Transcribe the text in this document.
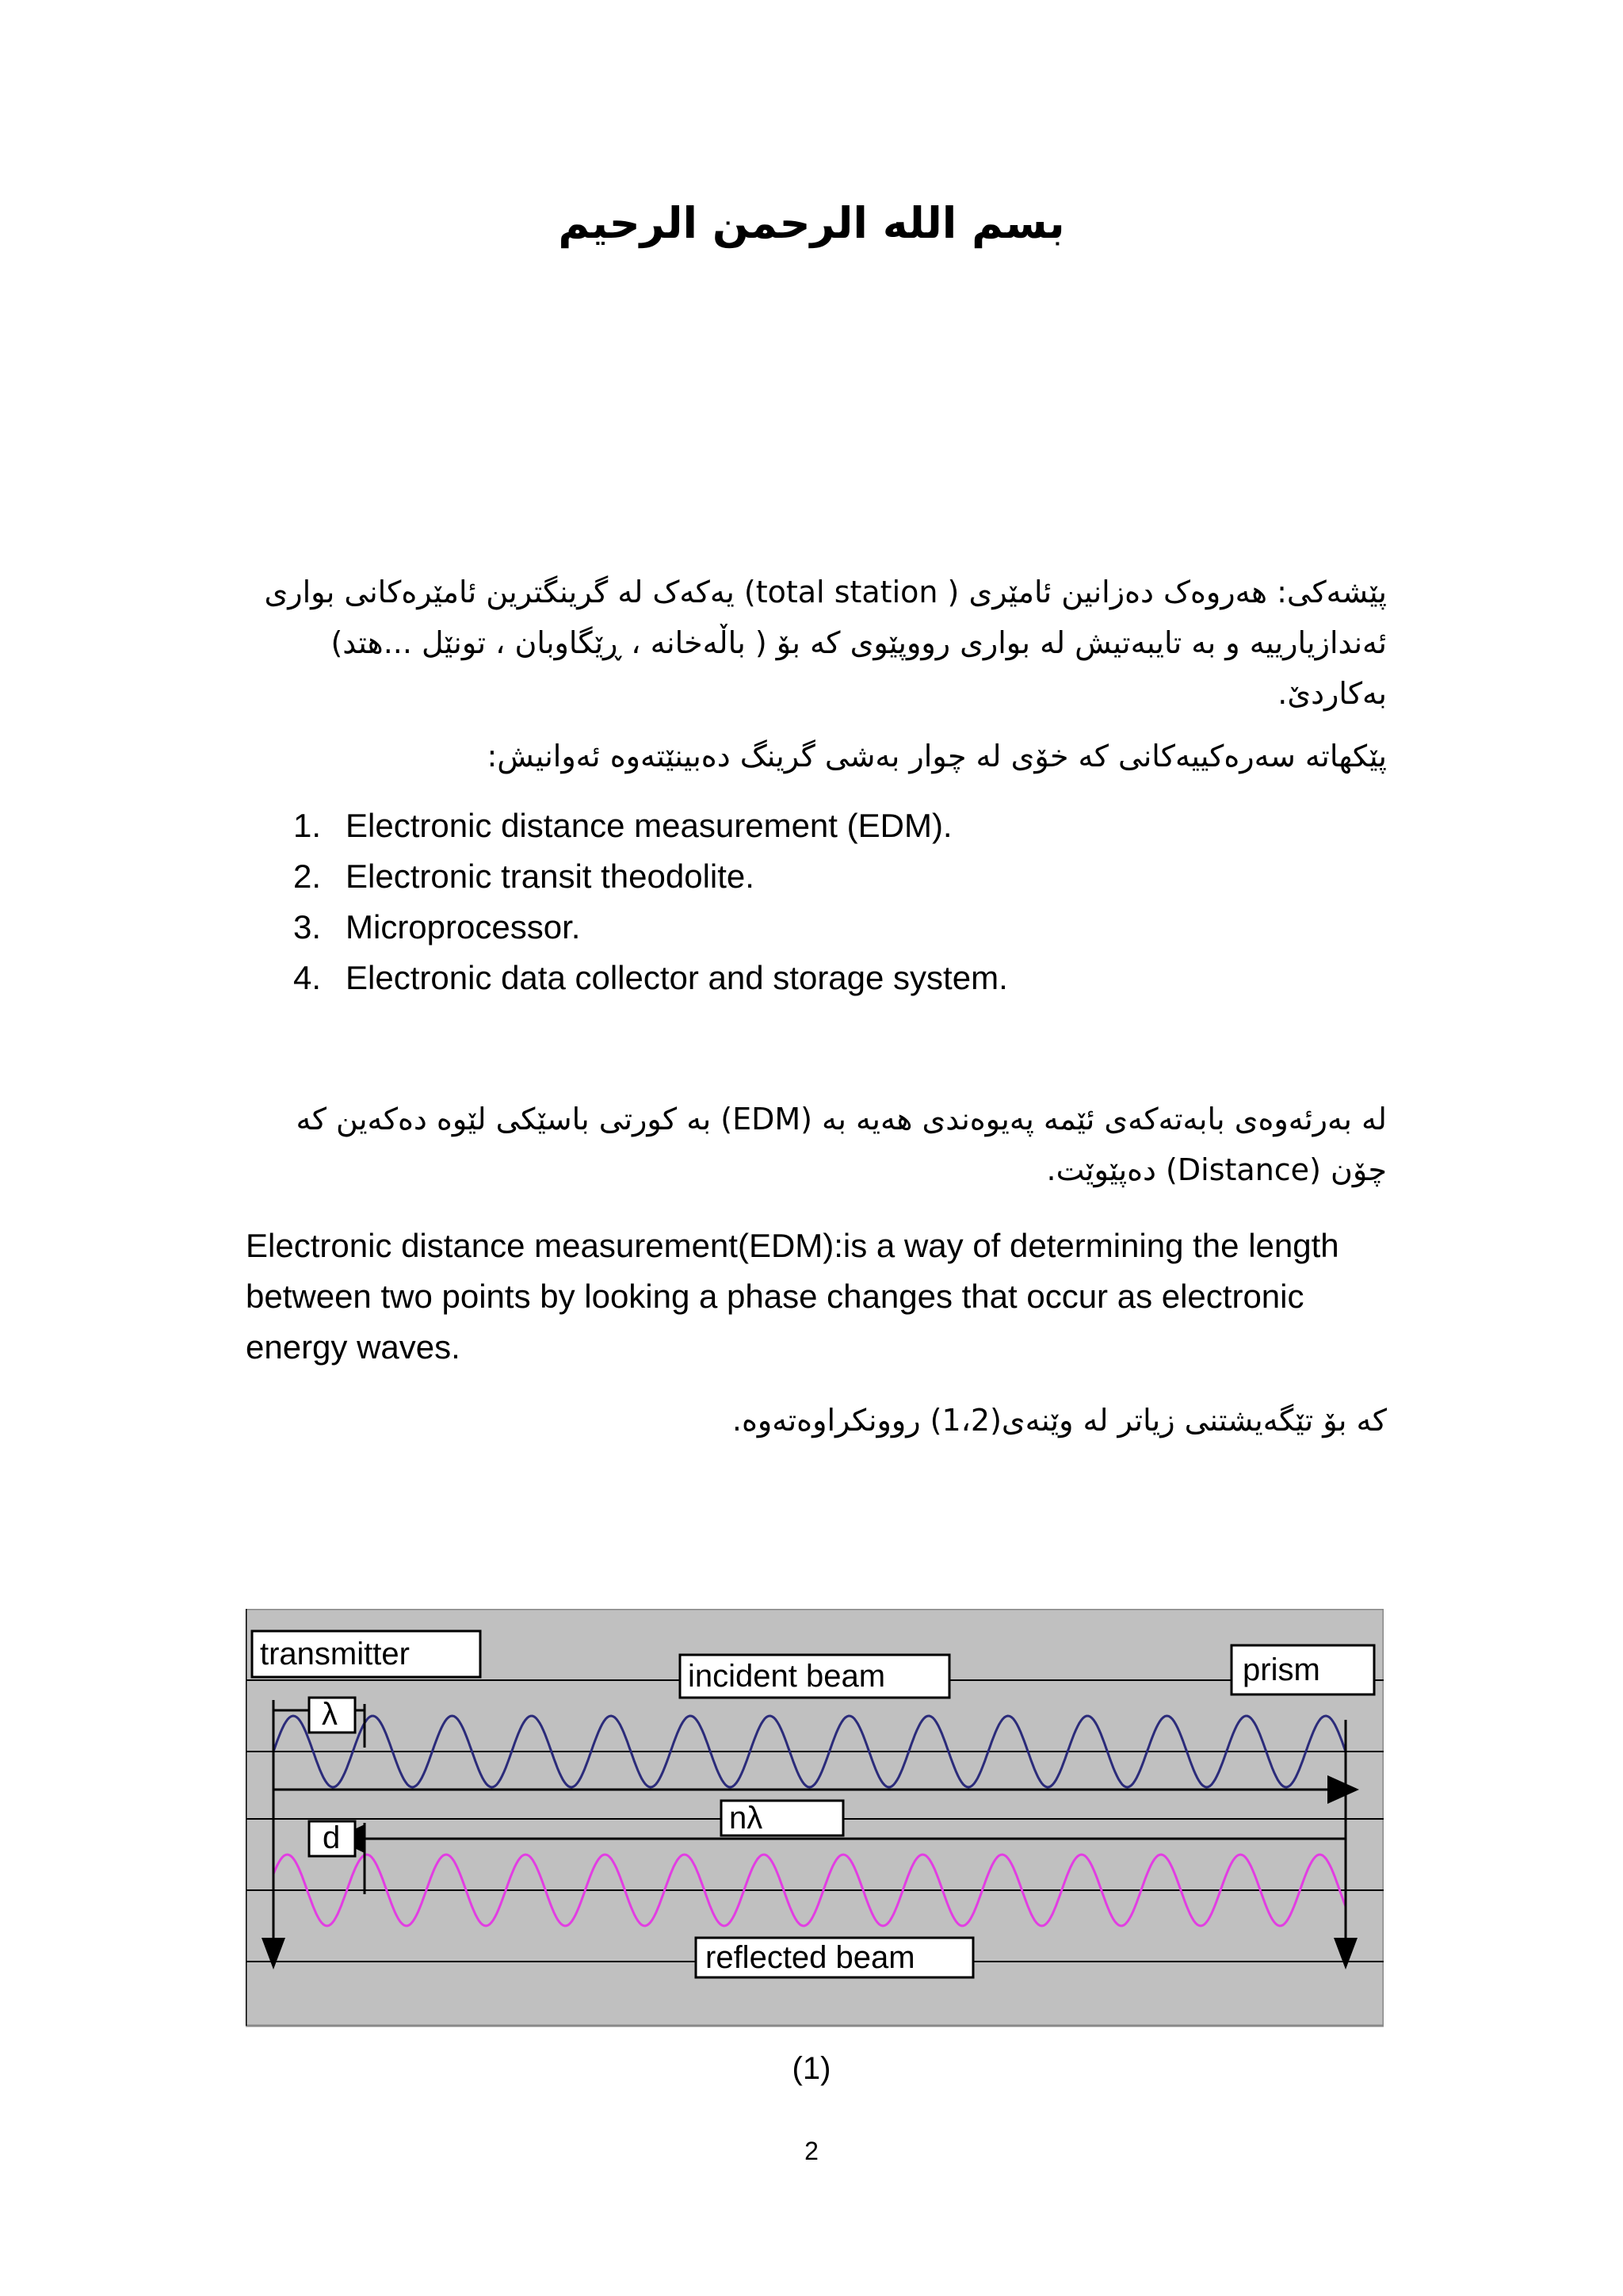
بسم الله الرحمن الرحيم
پێشەکی: هەروەک دەزانین ئامێری ( total station) یەکەک لە گرینگترین ئامێرەکانی بواری ئەندازیارییە و بە تایبەتیش لە بواری رووپێوی کە بۆ ( باڵەخانە ، ڕێگاوبان ، تونێل ...هتد) بەکاردێ.
پێکهاتە سەرەکییەکانی کە خۆی لە چوار بەشی گرینگ دەبینێتەوە ئەوانیش:
1. Electronic distance measurement (EDM).
2. Electronic transit theodolite.
3. Microprocessor.
4. Electronic data collector and storage system.
لە بەرئەوەی بابەتەکەی ئێمە پەیوەندی هەیە بە (EDM) بە کورتی باسێکی لێوە دەکەین کە چۆن (Distance) دەپێوێت.
Electronic distance measurement(EDM):is a way of determining the length between two points by looking a phase changes that occur as electronic energy waves.
کە بۆ تێگەیشتنی زیاتر لە وێنەی(1،2) روونکراوەتەوە.
transmitter
incident beam	prism
λ
nλ
d
reflected beam
(1)
2
